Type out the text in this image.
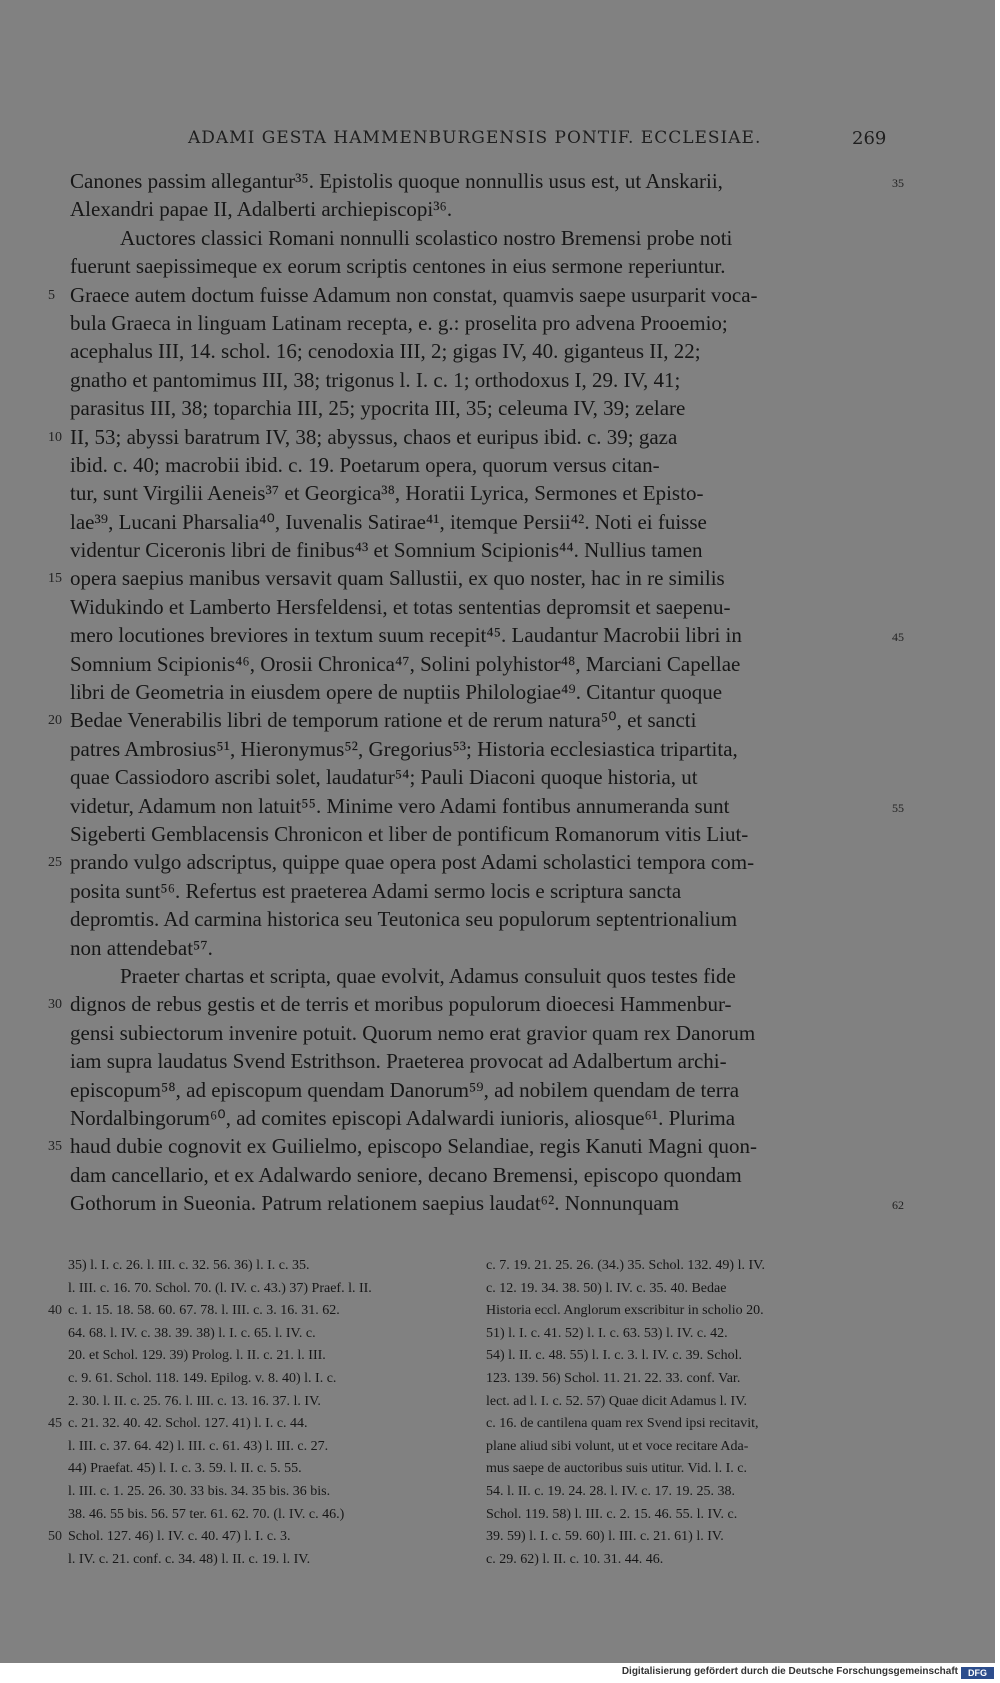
ADAMI GESTA HAMMENBURGENSIS PONTIF. ECCLESIAE.	269
Canones passim allegantur³⁵. Epistolis quoque nonnullis usus est, ut Anskarii,	35
Alexandri papae II, Adalberti archiepiscopi³⁶.
Auctores classici Romani nonnulli scolastico nostro Bremensi probe noti
fuerunt saepissimeque ex eorum scriptis centones in eius sermone reperiuntur.
Graece autem doctum fuisse Adamum non constat, quamvis saepe usurparit voca-
5
bula Graeca in linguam Latinam recepta, e. g.: proselita pro advena Prooemio;
acephalus III, 14. schol. 16; cenodoxia III, 2; gigas IV, 40. giganteus II, 22;
gnatho et pantomimus III, 38; trigonus l. I. c. 1; orthodoxus I, 29. IV, 41;
parasitus III, 38; toparchia III, 25; ypocrita III, 35; celeuma IV, 39; zelare
II, 53; abyssi baratrum IV, 38; abyssus, chaos et euripus ibid. c. 39; gaza
10
ibid. c. 40; macrobii ibid. c. 19. Poetarum opera, quorum versus citan-
tur, sunt Virgilii Aeneis³⁷ et Georgica³⁸, Horatii Lyrica, Sermones et Episto-
lae³⁹, Lucani Pharsalia⁴⁰, Iuvenalis Satirae⁴¹, itemque Persii⁴². Noti ei fuisse
videntur Ciceronis libri de finibus⁴³ et Somnium Scipionis⁴⁴. Nullius tamen
opera saepius manibus versavit quam Sallustii, ex quo noster, hac in re similis
15
Widukindo et Lamberto Hersfeldensi, et totas sententias depromsit et saepenu-
mero locutiones breviores in textum suum recepit⁴⁵. Laudantur Macrobii libri in	45
Somnium Scipionis⁴⁶, Orosii Chronica⁴⁷, Solini polyhistor⁴⁸, Marciani Capellae
libri de Geometria in eiusdem opere de nuptiis Philologiae⁴⁹. Citantur quoque
Bedae Venerabilis libri de temporum ratione et de rerum natura⁵⁰, et sancti
20
patres Ambrosius⁵¹, Hieronymus⁵², Gregorius⁵³; Historia ecclesiastica tripartita,
quae Cassiodoro ascribi solet, laudatur⁵⁴; Pauli Diaconi quoque historia, ut
videtur, Adamum non latuit⁵⁵. Minime vero Adami fontibus annumeranda sunt	55
Sigeberti Gemblacensis Chronicon et liber de pontificum Romanorum vitis Liut-
prando vulgo adscriptus, quippe quae opera post Adami scholastici tempora com-
25
posita sunt⁵⁶. Refertus est praeterea Adami sermo locis e scriptura sancta
depromtis. Ad carmina historica seu Teutonica seu populorum septentrionalium
non attendebat⁵⁷.
Praeter chartas et scripta, quae evolvit, Adamus consuluit quos testes fide
dignos de rebus gestis et de terris et moribus populorum dioecesi Hammenbur-
30
gensi subiectorum invenire potuit. Quorum nemo erat gravior quam rex Danorum
iam supra laudatus Svend Estrithson. Praeterea provocat ad Adalbertum archi-
episcopum⁵⁸, ad episcopum quendam Danorum⁵⁹, ad nobilem quendam de terra
Nordalbingorum⁶⁰, ad comites episcopi Adalwardi iunioris, aliosque⁶¹. Plurima
haud dubie cognovit ex Guilielmo, episcopo Selandiae, regis Kanuti Magni quon-
35
dam cancellario, et ex Adalwardo seniore, decano Bremensi, episcopo quondam
Gothorum in Sueonia. Patrum relationem saepius laudat⁶². Nonnunquam	62
35) l. I. c. 26. l. III. c. 32. 56. 36) l. I. c. 35.	c. 7. 19. 21. 25. 26. (34.) 35. Schol. 132. 49) l. IV.
l. III. c. 16. 70. Schol. 70. (l. IV. c. 43.) 37) Praef. l. II.	c. 12. 19. 34. 38. 50) l. IV. c. 35. 40. Bedae
40 c. 1. 15. 18. 58. 60. 67. 78. l. III. c. 3. 16. 31. 62.	Historia eccl. Anglorum exscribitur in scholio 20.
64. 68. l. IV. c. 38. 39. 38) l. I. c. 65. l. IV. c.	51) l. I. c. 41. 52) l. I. c. 63. 53) l. IV. c. 42.
20. et Schol. 129. 39) Prolog. l. II. c. 21. l. III.	54) l. II. c. 48. 55) l. I. c. 3. l. IV. c. 39. Schol.
c. 9. 61. Schol. 118. 149. Epilog. v. 8. 40) l. I. c.	123. 139. 56) Schol. 11. 21. 22. 33. conf. Var.
2. 30. l. II. c. 25. 76. l. III. c. 13. 16. 37. l. IV.	lect. ad l. I. c. 52. 57) Quae dicit Adamus l. IV.
45 c. 21. 32. 40. 42. Schol. 127. 41) l. I. c. 44.	c. 16. de cantilena quam rex Svend ipsi recitavit,
l. III. c. 37. 64. 42) l. III. c. 61. 43) l. III. c. 27.	plane aliud sibi volunt, ut et voce recitare Ada-
44) Praefat. 45) l. I. c. 3. 59. l. II. c. 5. 55.	mus saepe de auctoribus suis utitur. Vid. l. I. c.
l. III. c. 1. 25. 26. 30. 33 bis. 34. 35 bis. 36 bis.	54. l. II. c. 19. 24. 28. l. IV. c. 17. 19. 25. 38.
38. 46. 55 bis. 56. 57 ter. 61. 62. 70. (l. IV. c. 46.)	Schol. 119. 58) l. III. c. 2. 15. 46. 55. l. IV. c.
50 Schol. 127. 46) l. IV. c. 40. 47) l. I. c. 3.	39. 59) l. I. c. 59. 60) l. III. c. 21. 61) l. IV.
l. IV. c. 21. conf. c. 34. 48) l. II. c. 19. l. IV.	c. 29. 62) l. II. c. 10. 31. 44. 46.
Digitalisierung gefördert durch die Deutsche Forschungsgemeinschaft	DFG
